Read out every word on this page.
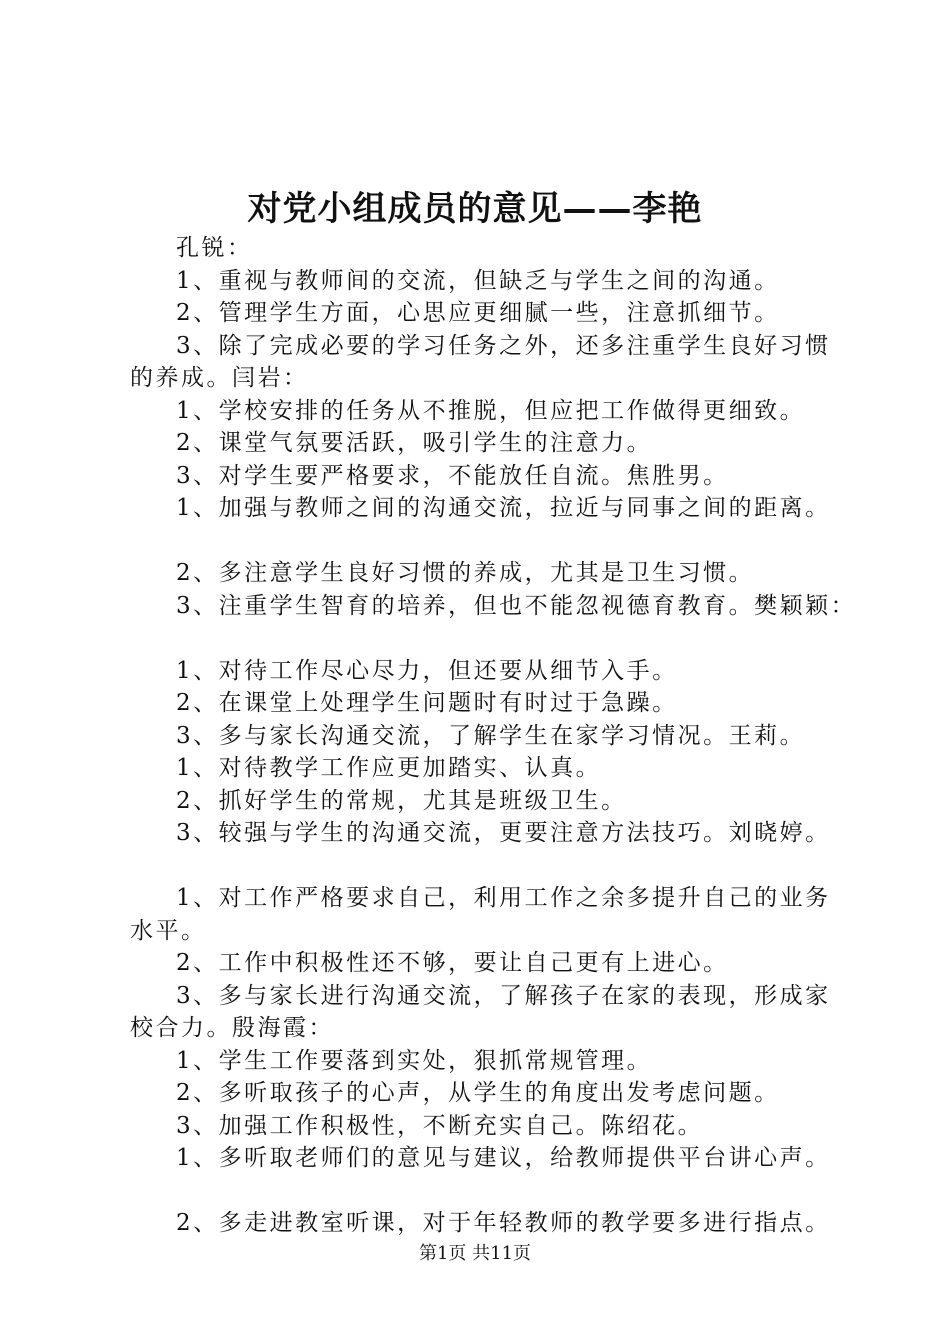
对党小组成员的意见——李艳

孔锐：

1、重视与教师间的交流，但缺乏与学生之间的沟通。

2、管理学生方面，心思应更细腻一些，注意抓细节。

3、除了完成必要的学习任务之外，还多注重学生良好习惯

的养成。闫岩：

1、学校安排的任务从不推脱，但应把工作做得更细致。

2、课堂气氛要活跃，吸引学生的注意力。

3、对学生要严格要求，不能放任自流。焦胜男。

1、加强与教师之间的沟通交流，拉近与同事之间的距离。

2、多注意学生良好习惯的养成，尤其是卫生习惯。

3、注重学生智育的培养，但也不能忽视德育教育。樊颖颖：

1、对待工作尽心尽力，但还要从细节入手。

2、在课堂上处理学生问题时有时过于急躁。

3、多与家长沟通交流，了解学生在家学习情况。王莉。

1、对待教学工作应更加踏实、认真。

2、抓好学生的常规，尤其是班级卫生。

3、较强与学生的沟通交流，更要注意方法技巧。刘晓婷。

1、对工作严格要求自己，利用工作之余多提升自己的业务

水平。

2、工作中积极性还不够，要让自己更有上进心。

3、多与家长进行沟通交流，了解孩子在家的表现，形成家

校合力。殷海霞：

1、学生工作要落到实处，狠抓常规管理。

2、多听取孩子的心声，从学生的角度出发考虑问题。

3、加强工作积极性，不断充实自己。陈绍花。

1、多听取老师们的意见与建议，给教师提供平台讲心声。

2、多走进教室听课，对于年轻教师的教学要多进行指点。

第1页 共11页
